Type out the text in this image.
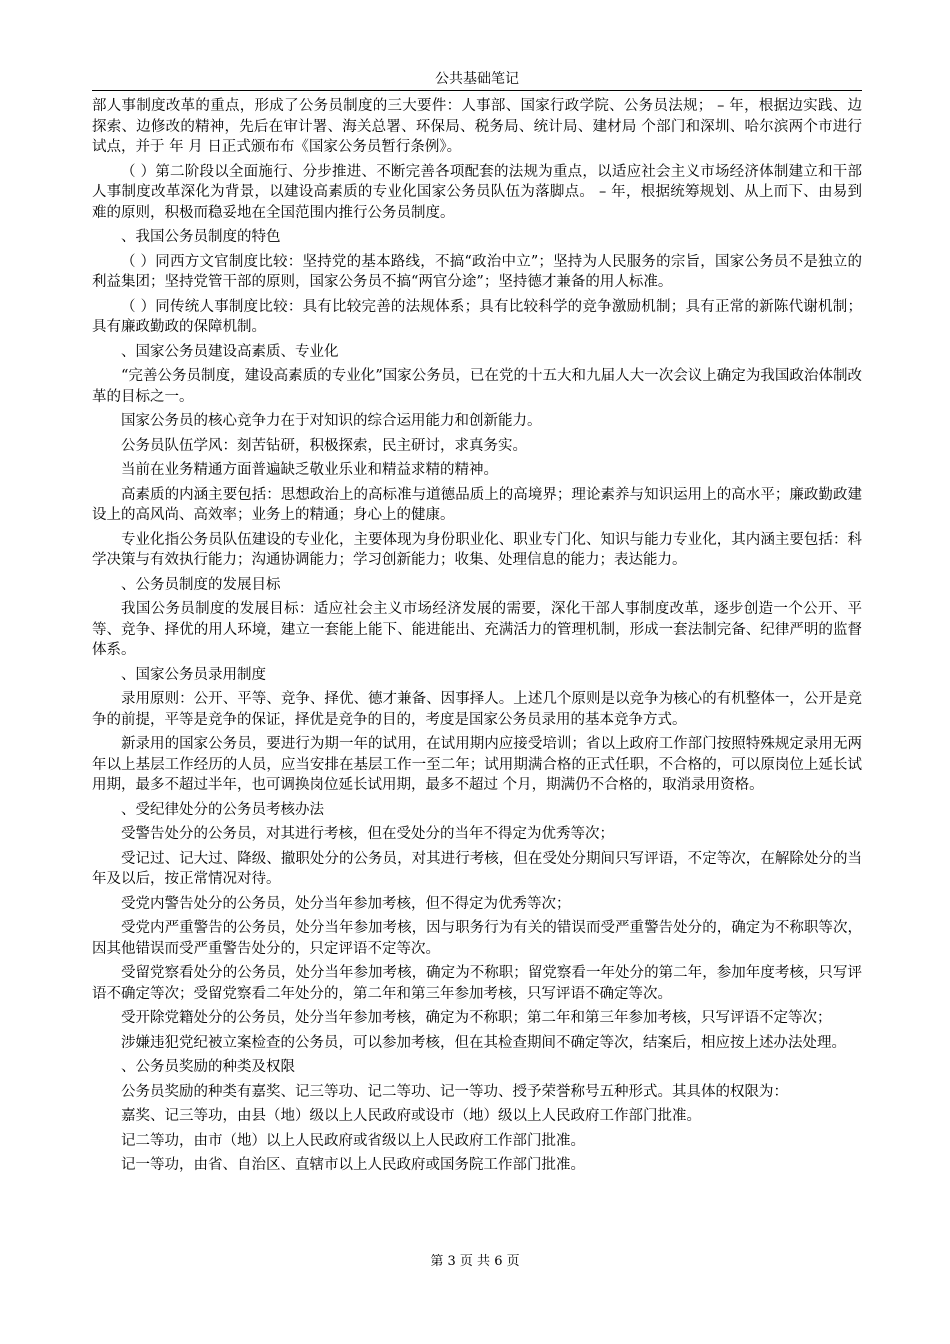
公共基础笔记

部人事制度改革的重点，形成了公务员制度的三大要件：人事部、国家行政学院、公务员法规； – 年，根据边实践、边探索、边修改的精神，先后在审计署、海关总署、环保局、税务局、统计局、建材局 个部门和深圳、哈尔滨两个市进行试点，并于 年 月 日正式颁布布《国家公务员暂行条例》。

（ ）第二阶段以全面施行、分步推进、不断完善各项配套的法规为重点，以适应社会主义市场经济体制建立和干部人事制度改革深化为背景，以建设高素质的专业化国家公务员队伍为落脚点。 – 年，根据统筹规划、从上而下、由易到难的原则，积极而稳妥地在全国范围内推行公务员制度。

、我国公务员制度的特色

（ ）同西方文官制度比较：坚持党的基本路线，不搞“政治中立”；坚持为人民服务的宗旨，国家公务员不是独立的利益集团；坚持党管干部的原则，国家公务员不搞“两官分途”；坚持德才兼备的用人标准。

（ ）同传统人事制度比较：具有比较完善的法规体系；具有比较科学的竞争激励机制；具有正常的新陈代谢机制；具有廉政勤政的保障机制。

、国家公务员建设高素质、专业化

“完善公务员制度，建设高素质的专业化”国家公务员，已在党的十五大和九届人大一次会议上确定为我国政治体制改革的目标之一。

国家公务员的核心竞争力在于对知识的综合运用能力和创新能力。

公务员队伍学风：刻苦钻研，积极探索，民主研讨，求真务实。

当前在业务精通方面普遍缺乏敬业乐业和精益求精的精神。

高素质的内涵主要包括：思想政治上的高标准与道德品质上的高境界；理论素养与知识运用上的高水平；廉政勤政建设上的高风尚、高效率；业务上的精通；身心上的健康。

专业化指公务员队伍建设的专业化，主要体现为身份职业化、职业专门化、知识与能力专业化，其内涵主要包括：科学决策与有效执行能力；沟通协调能力；学习创新能力；收集、处理信息的能力；表达能力。

、公务员制度的发展目标

我国公务员制度的发展目标：适应社会主义市场经济发展的需要，深化干部人事制度改革，逐步创造一个公开、平等、竞争、择优的用人环境，建立一套能上能下、能进能出、充满活力的管理机制，形成一套法制完备、纪律严明的监督体系。

、国家公务员录用制度

录用原则：公开、平等、竞争、择优、德才兼备、因事择人。上述几个原则是以竞争为核心的有机整体一，公开是竞争的前提，平等是竞争的保证，择优是竞争的目的，考度是国家公务员录用的基本竞争方式。

新录用的国家公务员，要进行为期一年的试用，在试用期内应接受培训；省以上政府工作部门按照特殊规定录用无两年以上基层工作经历的人员，应当安排在基层工作一至二年；试用期满合格的正式任职，不合格的，可以原岗位上延长试用期，最多不超过半年，也可调换岗位延长试用期，最多不超过 个月，期满仍不合格的，取消录用资格。

、受纪律处分的公务员考核办法

受警告处分的公务员，对其进行考核，但在受处分的当年不得定为优秀等次；

受记过、记大过、降级、撤职处分的公务员，对其进行考核，但在受处分期间只写评语，不定等次，在解除处分的当年及以后，按正常情况对待。

受党内警告处分的公务员，处分当年参加考核，但不得定为优秀等次；

受党内严重警告的公务员，处分当年参加考核，因与职务行为有关的错误而受严重警告处分的，确定为不称职等次，因其他错误而受严重警告处分的，只定评语不定等次。

受留党察看处分的公务员，处分当年参加考核，确定为不称职；留党察看一年处分的第二年，参加年度考核，只写评语不确定等次；受留党察看二年处分的，第二年和第三年参加考核，只写评语不确定等次。

受开除党籍处分的公务员，处分当年参加考核，确定为不称职；第二年和第三年参加考核，只写评语不定等次；

涉嫌违犯党纪被立案检查的公务员，可以参加考核，但在其检查期间不确定等次，结案后，相应按上述办法处理。

、公务员奖励的种类及权限

公务员奖励的种类有嘉奖、记三等功、记二等功、记一等功、授予荣誉称号五种形式。其具体的权限为：

嘉奖、记三等功，由县（地）级以上人民政府或设市（地）级以上人民政府工作部门批准。

记二等功，由市（地）以上人民政府或省级以上人民政府工作部门批准。

记一等功，由省、自治区、直辖市以上人民政府或国务院工作部门批准。

第 3 页 共 6 页
